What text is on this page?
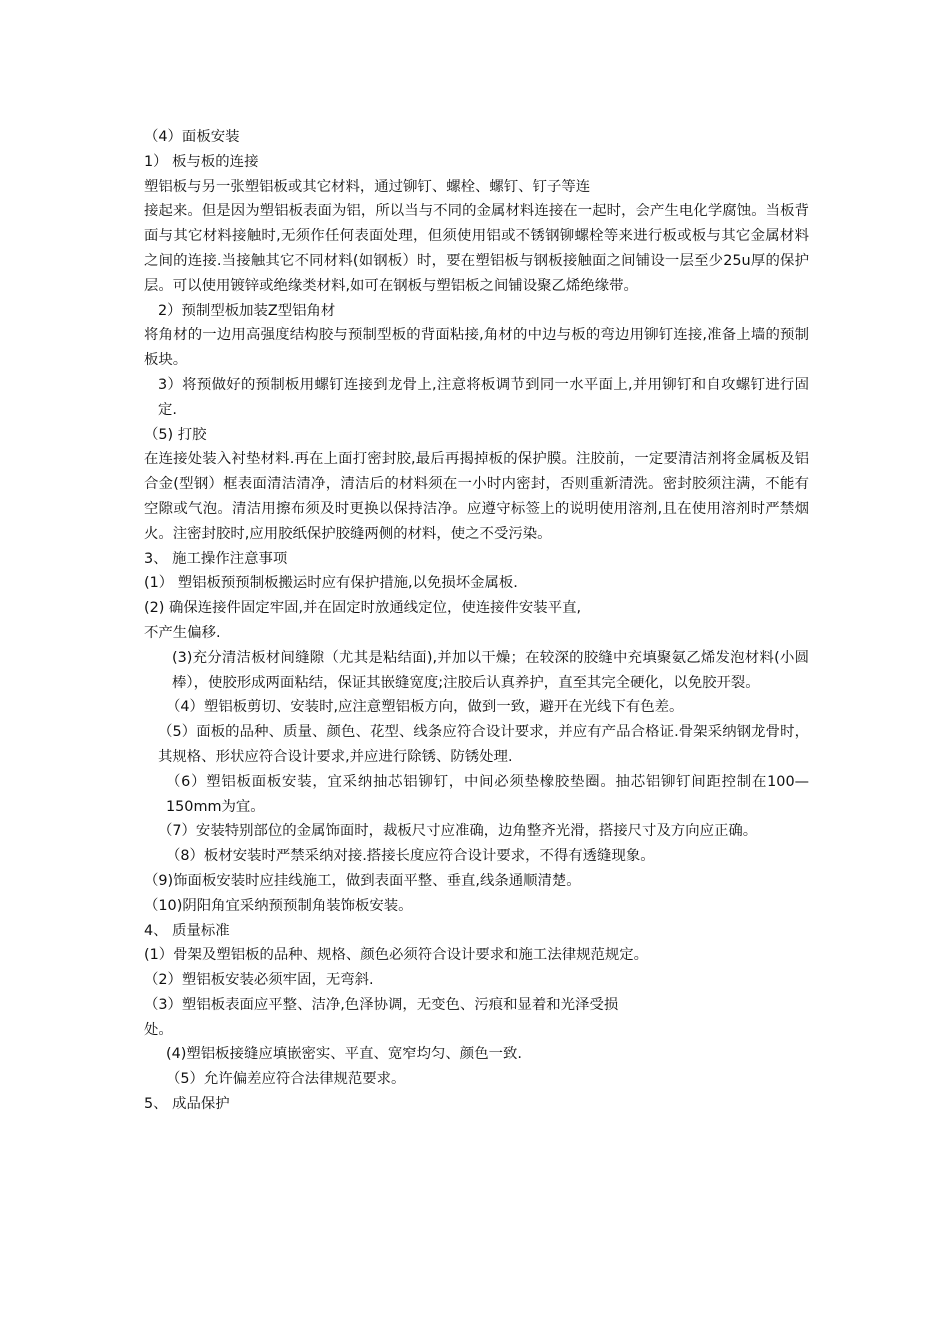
（4）面板安装

1） 板与板的连接

塑铝板与另一张塑铝板或其它材料，通过铆钉、螺栓、螺钉、钉子等连

接起来。但是因为塑铝板表面为铝，所以当与不同的金属材料连接在一起时，会产生电化学腐蚀。当板背面与其它材料接触时,无须作任何表面处理，但须使用铝或不锈钢铆螺栓等来进行板或板与其它金属材料之间的连接.当接触其它不同材料(如钢板）时，要在塑铝板与钢板接触面之间铺设一层至少25u厚的保护层。可以使用镀锌或绝缘类材料,如可在钢板与塑铝板之间铺设聚乙烯绝缘带。

2）预制型板加装Z型铝角材

将角材的一边用高强度结构胶与预制型板的背面粘接,角材的中边与板的弯边用铆钉连接,准备上墙的预制板块。

3）将预做好的预制板用螺钉连接到龙骨上,注意将板调节到同一水平面上,并用铆钉和自攻螺钉进行固定.

（5) 打胶

在连接处装入衬垫材料.再在上面打密封胶,最后再揭掉板的保护膜。注胶前，一定要清洁剂将金属板及铝合金(型钢）框表面清洁清净，清洁后的材料须在一小时内密封，否则重新清洗。密封胶须注满，不能有空隙或气泡。清洁用擦布须及时更换以保持洁净。应遵守标签上的说明使用溶剂,且在使用溶剂时严禁烟火。注密封胶时,应用胶纸保护胶缝两侧的材料，使之不受污染。

3、 施工操作注意事项

(1） 塑铝板预预制板搬运时应有保护措施,以免损坏金属板.

(2) 确保连接件固定牢固,并在固定时放通线定位，使连接件安装平直,

不产生偏移.

(3)充分清洁板材间缝隙（尤其是粘结面),并加以干燥；在较深的胶缝中充填聚氨乙烯发泡材料(小圆棒），使胶形成两面粘结，保证其嵌缝宽度;注胶后认真养护，直至其完全硬化，以免胶开裂。

（4）塑铝板剪切、安装时,应注意塑铝板方向，做到一致，避开在光线下有色差。

（5）面板的品种、质量、颜色、花型、线条应符合设计要求，并应有产品合格证.骨架采纳钢龙骨时，其规格、形状应符合设计要求,并应进行除锈、防锈处理.

（6）塑铝板面板安装，宜采纳抽芯铝铆钉，中间必须垫橡胶垫圈。抽芯铝铆钉间距控制在100—150mm为宜。

（7）安装特别部位的金属饰面时，裁板尺寸应准确，边角整齐光滑，搭接尺寸及方向应正确。

（8）板材安装时严禁采纳对接.搭接长度应符合设计要求，不得有透缝现象。

（9)饰面板安装时应挂线施工，做到表面平整、垂直,线条通顺清楚。

（10)阴阳角宜采纳预预制角装饰板安装。

4、 质量标准

(1）骨架及塑铝板的品种、规格、颜色必须符合设计要求和施工法律规范规定。

（2）塑铝板安装必须牢固，无弯斜.

（3）塑铝板表面应平整、洁净,色泽协调，无变色、污痕和显着和光泽受损

处。

(4)塑铝板接缝应填嵌密实、平直、宽窄均匀、颜色一致.

（5）允许偏差应符合法律规范要求。

5、 成品保护
